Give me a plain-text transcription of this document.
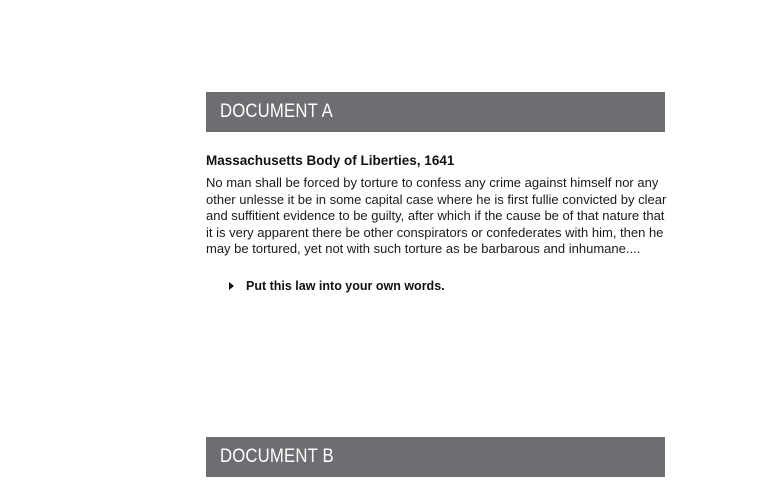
DOCUMENT A
Massachusetts Body of Liberties, 1641
No man shall be forced by torture to confess any crime against himself nor any other unlesse it be in some capital case where he is first fullie convicted by clear and suffitient evidence to be guilty, after which if the cause be of that nature that it is very apparent there be other conspirators or confederates with him, then he may be tortured, yet not with such torture as be barbarous and inhumane....
Put this law into your own words.
DOCUMENT B
